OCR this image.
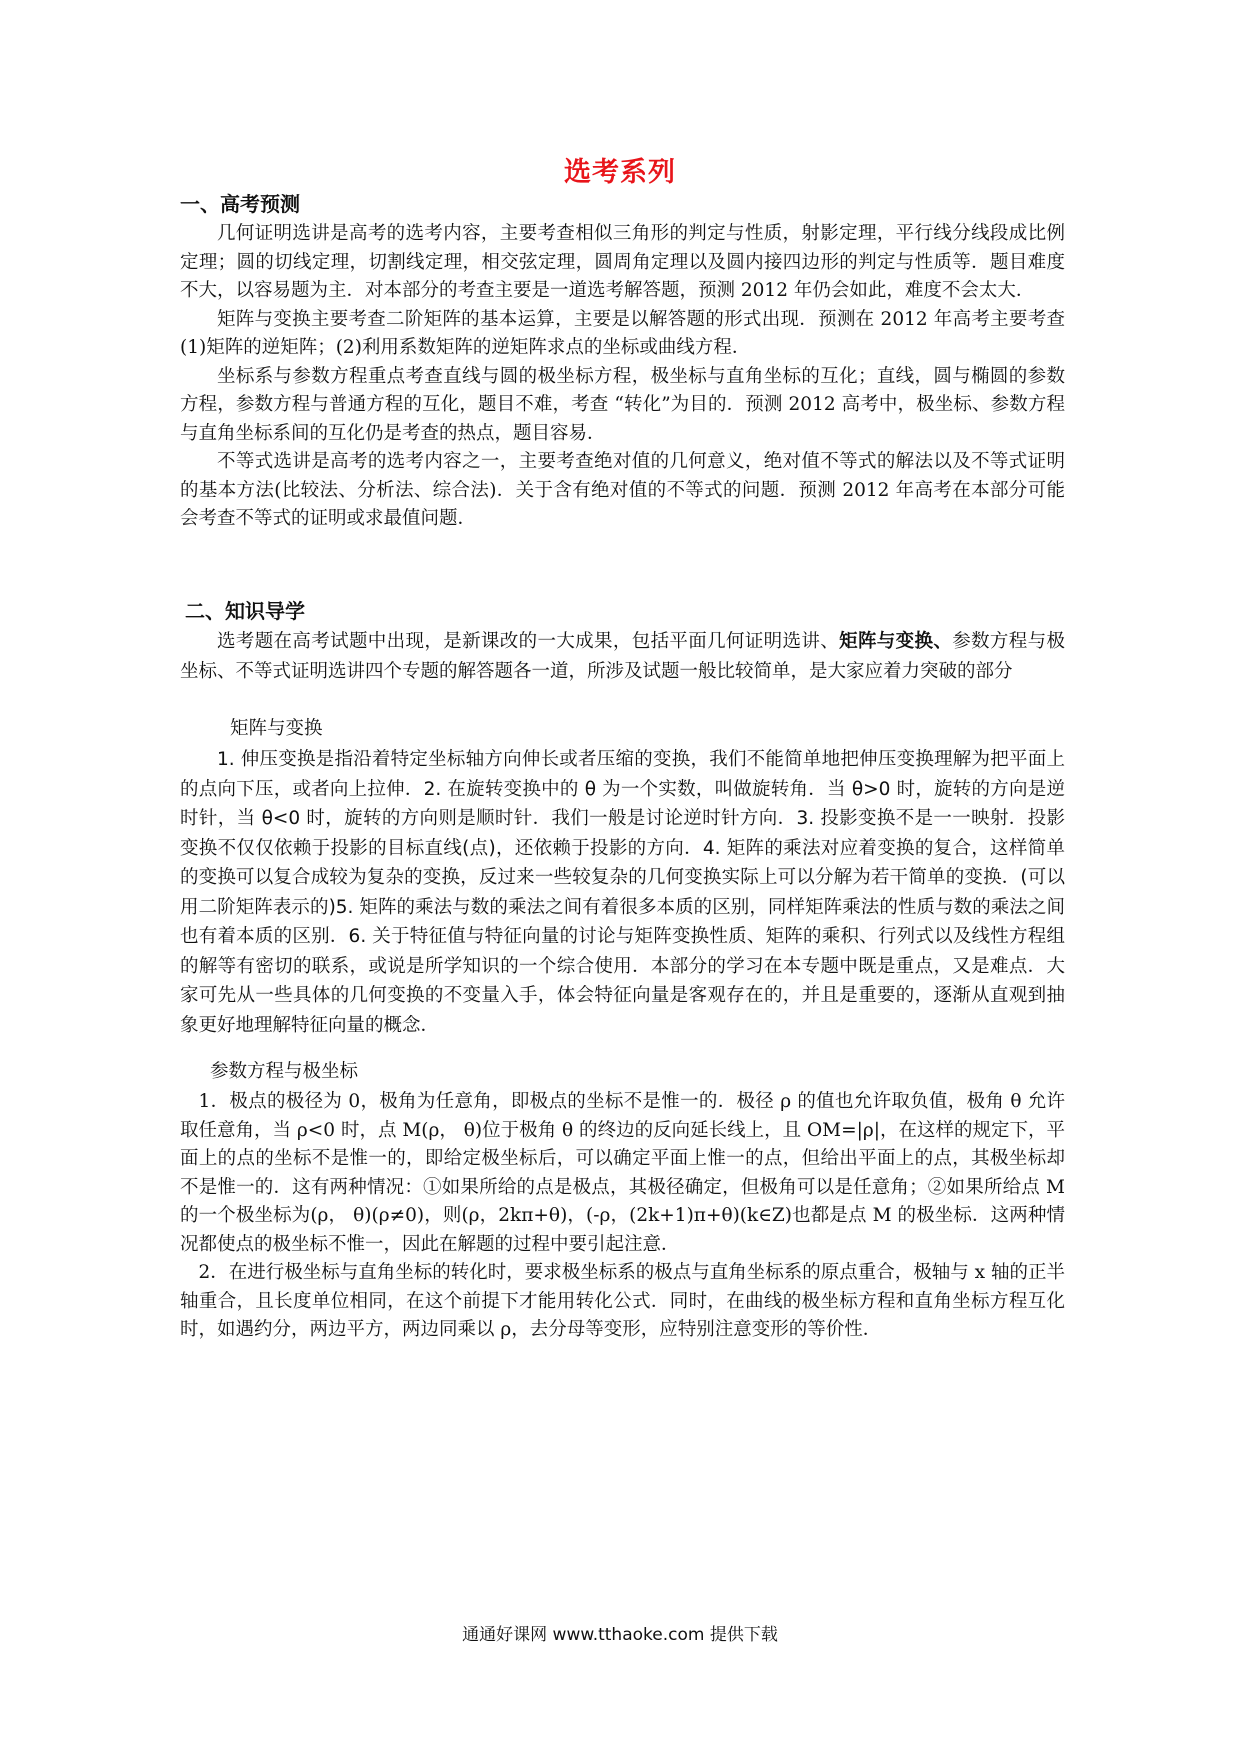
选考系列
一、高考预测

几何证明选讲是高考的选考内容，主要考查相似三角形的判定与性质，射影定理，平行线分线段成比例定理；圆的切线定理，切割线定理，相交弦定理，圆周角定理以及圆内接四边形的判定与性质等．题目难度不大，以容易题为主．对本部分的考查主要是一道选考解答题，预测 2012 年仍会如此，难度不会太大．

矩阵与变换主要考查二阶矩阵的基本运算，主要是以解答题的形式出现．预测在 2012 年高考主要考查(1)矩阵的逆矩阵；(2)利用系数矩阵的逆矩阵求点的坐标或曲线方程．

坐标系与参数方程重点考查直线与圆的极坐标方程，极坐标与直角坐标的互化；直线，圆与椭圆的参数方程，参数方程与普通方程的互化，题目不难，考查 “转化”为目的．预测 2012 高考中，极坐标、参数方程与直角坐标系间的互化仍是考查的热点，题目容易．

不等式选讲是高考的选考内容之一，主要考查绝对值的几何意义，绝对值不等式的解法以及不等式证明的基本方法(比较法、分析法、综合法)．关于含有绝对值的不等式的问题．预测 2012 年高考在本部分可能会考查不等式的证明或求最值问题．

二、知识导学

选考题在高考试题中出现，是新课改的一大成果，包括平面几何证明选讲、矩阵与变换、参数方程与极坐标、不等式证明选讲四个专题的解答题各一道，所涉及试题一般比较简单，是大家应着力突破的部分

矩阵与变换

1. 伸压变换是指沿着特定坐标轴方向伸长或者压缩的变换，我们不能简单地把伸压变换理解为把平面上的点向下压，或者向上拉伸．2. 在旋转变换中的 θ 为一个实数，叫做旋转角．当 θ>0 时，旋转的方向是逆时针，当 θ<0 时，旋转的方向则是顺时针．我们一般是讨论逆时针方向．3. 投影变换不是一一映射．投影变换不仅仅依赖于投影的目标直线(点)，还依赖于投影的方向．4. 矩阵的乘法对应着变换的复合，这样简单的变换可以复合成较为复杂的变换，反过来一些较复杂的几何变换实际上可以分解为若干简单的变换．(可以用二阶矩阵表示的)5. 矩阵的乘法与数的乘法之间有着很多本质的区别，同样矩阵乘法的性质与数的乘法之间也有着本质的区别．6. 关于特征值与特征向量的讨论与矩阵变换性质、矩阵的乘积、行列式以及线性方程组的解等有密切的联系，或说是所学知识的一个综合使用．本部分的学习在本专题中既是重点，又是难点．大家可先从一些具体的几何变换的不变量入手，体会特征向量是客观存在的，并且是重要的，逐渐从直观到抽象更好地理解特征向量的概念．

参数方程与极坐标

1．极点的极径为 0，极角为任意角，即极点的坐标不是惟一的．极径 ρ 的值也允许取负值，极角 θ 允许取任意角，当 ρ<0 时，点 M(ρ， θ)位于极角 θ 的终边的反向延长线上，且 OM=|ρ|，在这样的规定下，平面上的点的坐标不是惟一的，即给定极坐标后，可以确定平面上惟一的点，但给出平面上的点，其极坐标却不是惟一的．这有两种情况：①如果所给的点是极点，其极径确定，但极角可以是任意角；②如果所给点 M 的一个极坐标为(ρ， θ)(ρ≠0)，则(ρ，2kπ+θ)，(-ρ，(2k+1)π+θ)(k∈Z)也都是点 M 的极坐标．这两种情况都使点的极坐标不惟一，因此在解题的过程中要引起注意．

2．在进行极坐标与直角坐标的转化时，要求极坐标系的极点与直角坐标系的原点重合，极轴与 x 轴的正半轴重合，且长度单位相同，在这个前提下才能用转化公式．同时，在曲线的极坐标方程和直角坐标方程互化时，如遇约分，两边平方，两边同乘以 ρ，去分母等变形，应特别注意变形的等价性．

通通好课网 www.tthaoke.com 提供下载
